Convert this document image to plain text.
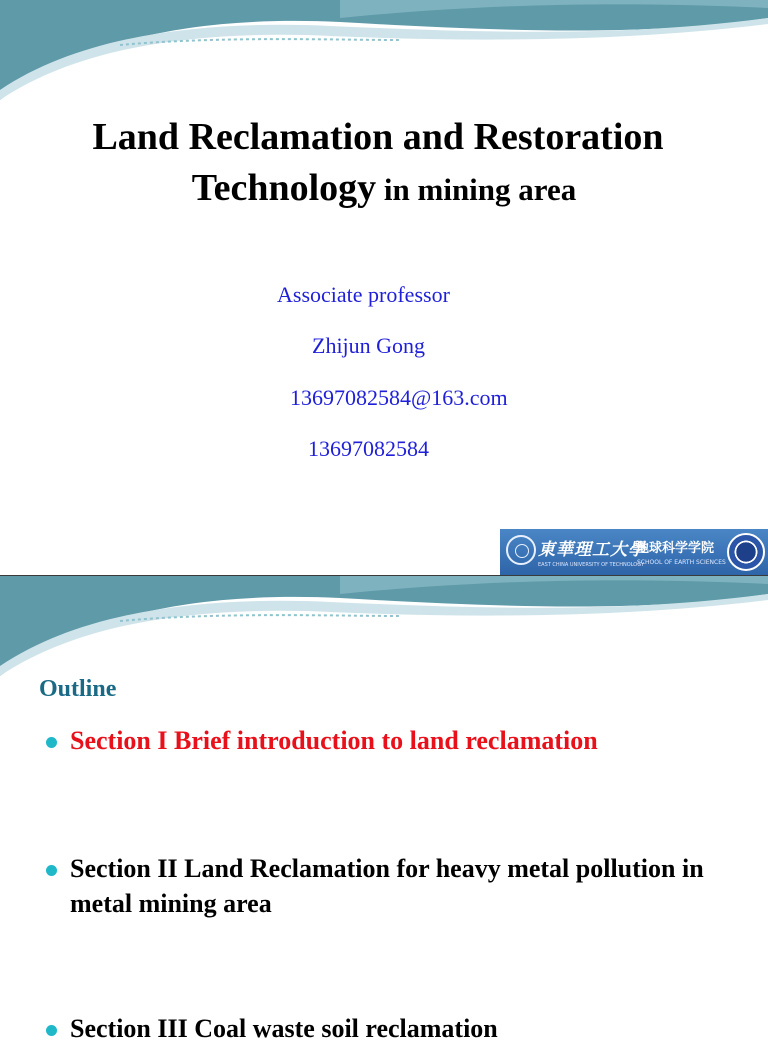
Land Reclamation and Restoration
Technology in mining area
Associate professor
Zhijun Gong
13697082584@163.com
13697082584
東華理工大學
EAST CHINA UNIVERSITY OF TECHNOLOGY
地球科学学院
SCHOOL OF EARTH SCIENCES
Outline
Section I Brief introduction to land reclamation
Section II Land Reclamation for heavy metal pollution in metal mining area
Section III Coal waste soil reclamation
